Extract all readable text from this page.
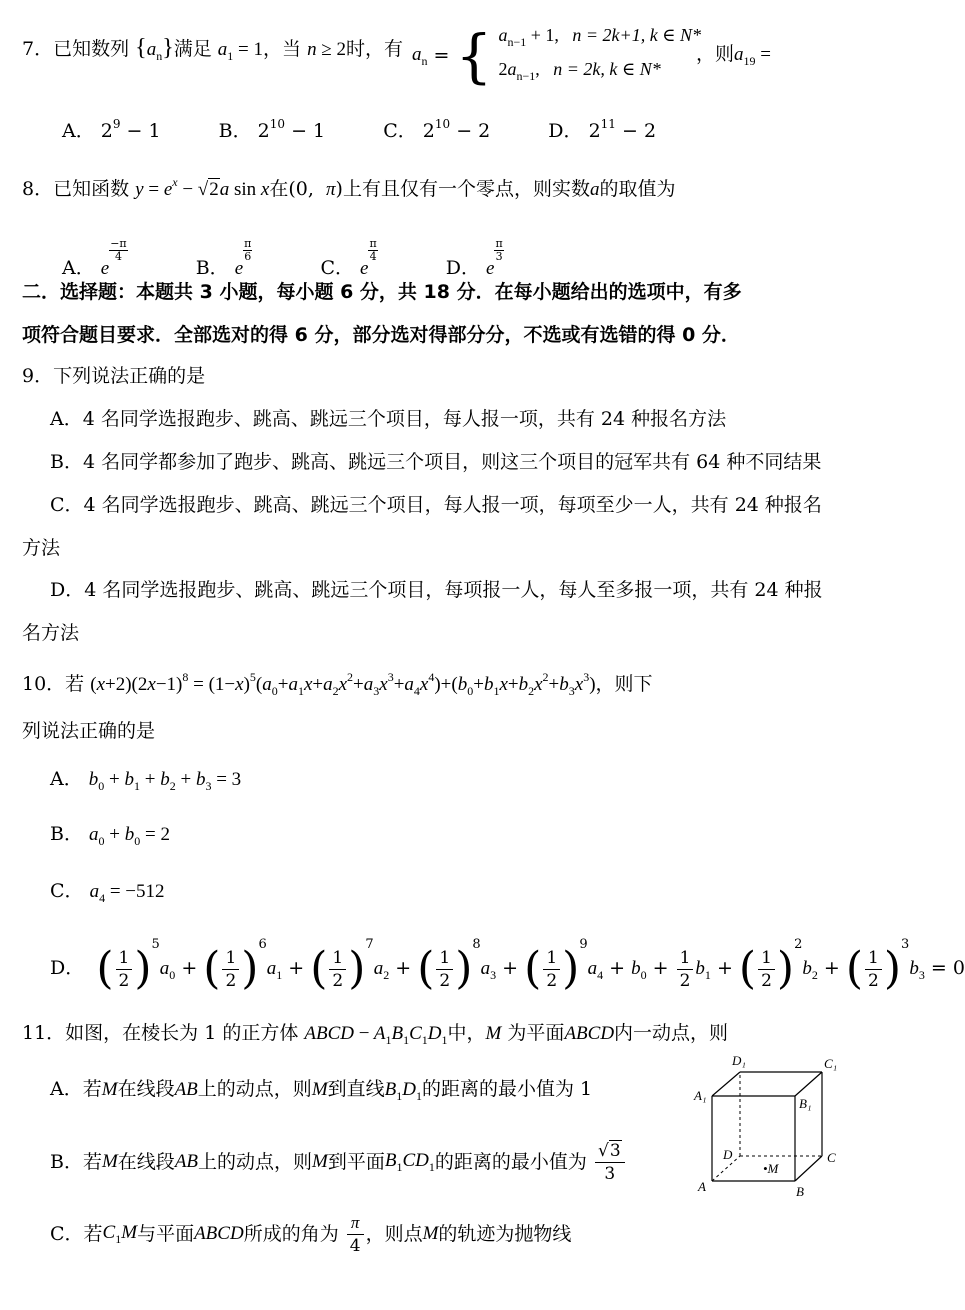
7．已知数列 $\{a_n\}$满足 $a_1 = 1$，当 n ≥ 2时，有 $a_n$ = { $a_{n-1} + 1$, n = 2k+1, k ∈ N*
$2a_{n-1}$, n = 2k, k ∈ N*
，则$a_{19}$ =
A． $2^9 - 1$	B． $2^{10} - 1$	C． $2^{10} - 2$	D． $2^{11} - 2$
8．已知函数 $y = e^x - √2a$ sin x在(0,  π)上有且仅有一个零点，则实数a的取值为
A． e
$\frac{-\pi}{4}$ B． e
$\frac{\pi}{6}$ C． e
$\frac{\pi}{4}$ D． e
$\frac{\pi}{3}$
二．选择题：本题共 3 小题，每小题 6 分，共 18 分．在每小题给出的选项中，有多
项符合题目要求．全部选对的得 6 分，部分选对得部分分，不选或有选错的得 0 分．
9．下列说法正确的是
A．4 名同学选报跑步、跳高、跳远三个项目，每人报一项，共有 24 种报名方法
B．4 名同学都参加了跑步、跳高、跳远三个项目，则这三个项目的冠军共有 64 种不同结果
C．4 名同学选报跑步、跳高、跳远三个项目，每人报一项，每项至少一人，共有 24 种报名
方法
D．4 名同学选报跑步、跳高、跳远三个项目，每项报一人，每人至多报一项，共有 24 种报
名方法
10．若 $(x+2)(2x-1)^8 = (1-x)^5(a_0+a_1x+a_2x^2+a_3x^3+a_4x^4)+(b_0+b_1x+b_2x^2+b_3x^3)$，则下
列说法正确的是
A． $b_0 + b_1 + b_2 + b_3 = 3$
B． $a_0 + b_0 = 2$
C． $a_4 = -512$
D． ( $\frac{1}{2} )^5a_0$ + ( $\frac{1}{2} )^6a_1$ + ( $\frac{1}{2} )^7a_2$ + ( $\frac{1}{2} )^8a_3$ + ( $\frac{1}{2} )^9a_4 + b_0 + \frac{1}{2} b_1$ + ( $\frac{1}{2} )^2b_2$ + ( $\frac{1}{2} )^3b_3 = 0$
11．如图，在棱长为 1 的正方体 ABCD − $A_1B_1C_1D_1$中，M 为平面ABCD内一动点，则
A．若M在线段AB上的动点，则M到直线$B_1D_1$的距离的最小值为 1
B．若M在线段AB上的动点，则M到平面$B_1CD_1$的距离的最小值为 $\frac{√3}{3}$
C．若$C_1M$与平面ABCD所成的角为 $\frac{\pi}{4}$ ，则点M的轨迹为抛物线
D₁	C₁
A₁
B₁
D
•M
C
A	B
